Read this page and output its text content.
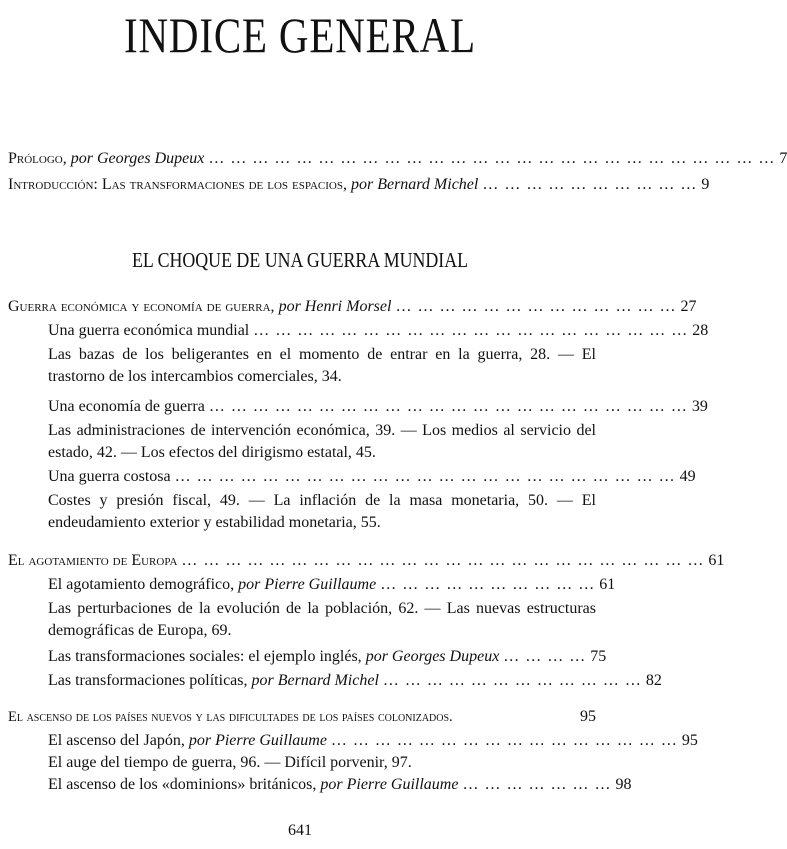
INDICE GENERAL
Prólogo, por Georges Dupeux … … … … … … … … … … … … … … … … … … … … … … … … … … 7
Introducción: Las transformaciones de los espacios, por Bernard Michel … … … … … … … … … … 9
EL CHOQUE DE UNA GUERRA MUNDIAL
Guerra económica y economía de guerra, por Henri Morsel … … … … … … … … … … … … … 27
Una guerra económica mundial … … … … … … … … … … … … … … … … … … … … 28
Las bazas de los beligerantes en el momento de entrar en la guerra, 28. — El trastorno de los intercambios comerciales, 34.
Una economía de guerra … … … … … … … … … … … … … … … … … … … … … … 39
Las administraciones de intervención económica, 39. — Los medios al servicio del estado, 42. — Los efectos del dirigismo estatal, 45.
Una guerra costosa … … … … … … … … … … … … … … … … … … … … … … … 49
Costes y presión fiscal, 49. — La inflación de la masa monetaria, 50. — El endeudamiento exterior y estabilidad monetaria, 55.
El agotamiento de Europa … … … … … … … … … … … … … … … … … … … … … … … … 61
El agotamiento demográfico, por Pierre Guillaume … … … … … … … … … … 61
Las perturbaciones de la evolución de la población, 62. — Las nuevas estructuras demográficas de Europa, 69.
Las transformaciones sociales: el ejemplo inglés, por Georges Dupeux … … … … 75
Las transformaciones políticas, por Bernard Michel … … … … … … … … … … … … 82
El ascenso de los países nuevos y las dificultades de los países colonizados.	95
El ascenso del Japón, por Pierre Guillaume … … … … … … … … … … … … … … … … 95
El auge del tiempo de guerra, 96. — Difícil porvenir, 97.
El ascenso de los «dominions» británicos, por Pierre Guillaume … … … … … … … 98
641
